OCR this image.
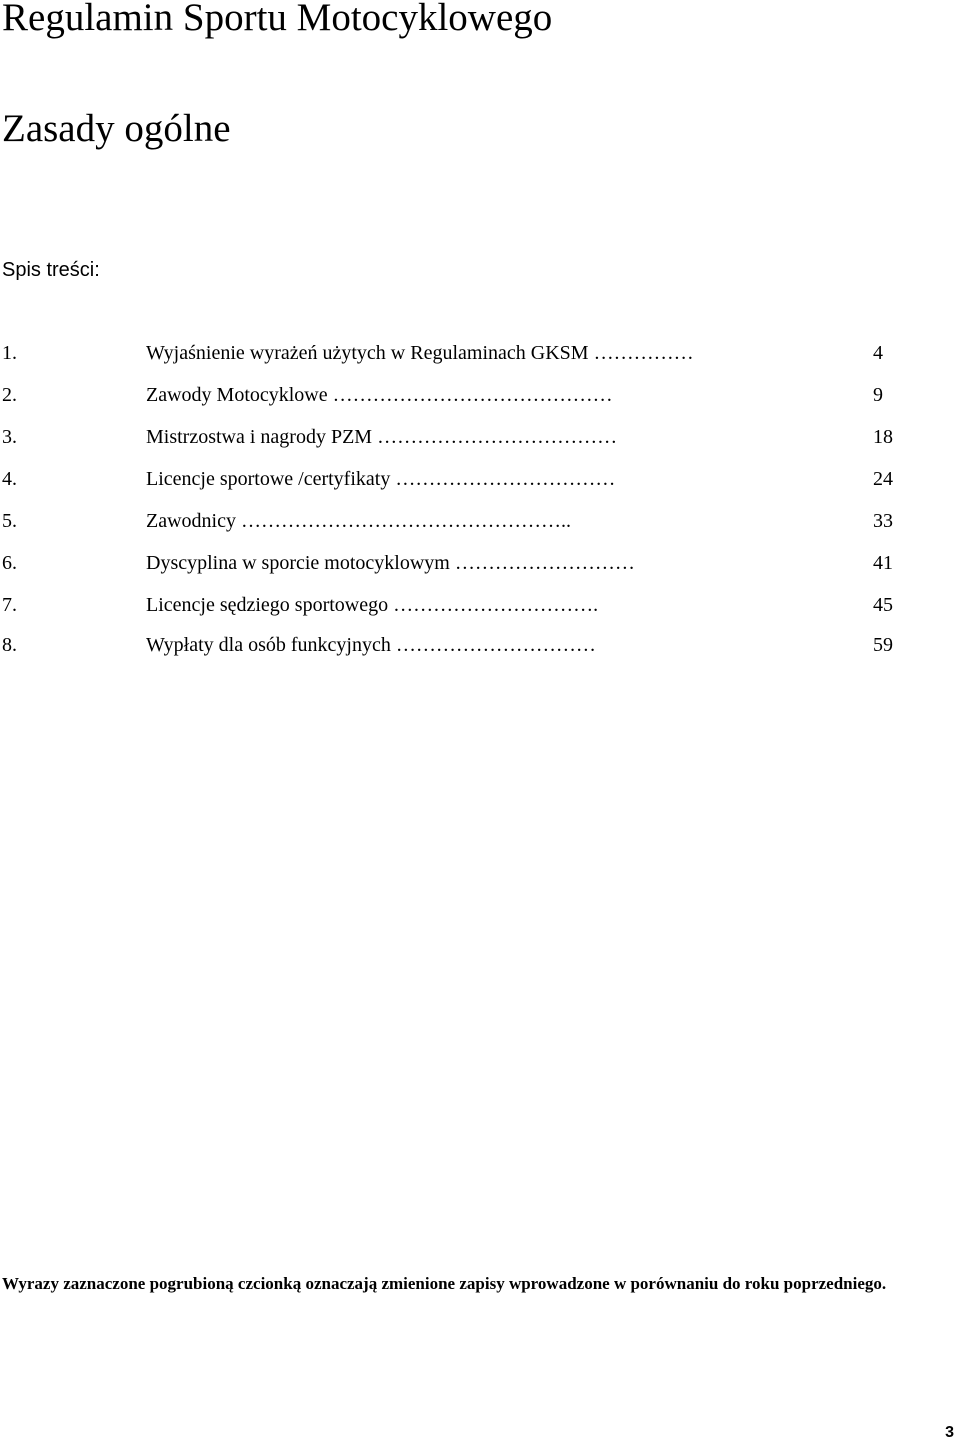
Regulamin Sportu Motocyklowego
Zasady ogólne
Spis treści:
1.	Wyjaśnienie wyrażeń użytych w Regulaminach GKSM ……………	4
2.	Zawody Motocyklowe ……………………………………	9
3.	Mistrzostwa i nagrody PZM ………………………………	18
4.	Licencje sportowe /certyfikaty ……………………………	24
5.	Zawodnicy …………………………………………..	33
6.	Dyscyplina w sporcie motocyklowym ………………………	41
7.	Licencje sędziego sportowego ………………………….	45
8.	Wypłaty dla osób funkcyjnych …………………………	59

Wyrazy zaznaczone pogrubioną czcionką oznaczają zmienione zapisy wprowadzone w porównaniu do roku poprzedniego.

3
